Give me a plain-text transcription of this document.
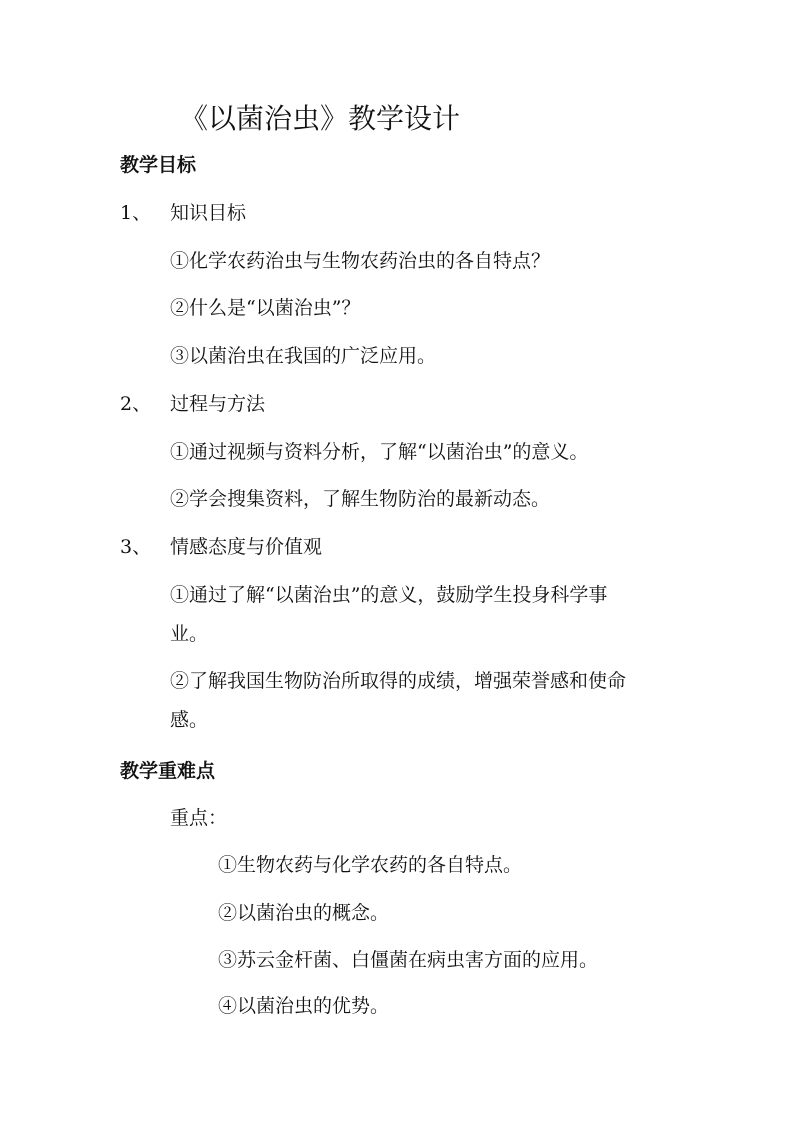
《以菌治虫》教学设计
教学目标
1、 知识目标
①化学农药治虫与生物农药治虫的各自特点？
②什么是“以菌治虫”？
③以菌治虫在我国的广泛应用。
2、 过程与方法
①通过视频与资料分析，了解“以菌治虫”的意义。
②学会搜集资料，了解生物防治的最新动态。
3、 情感态度与价值观
①通过了解“以菌治虫”的意义，鼓励学生投身科学事
业。
②了解我国生物防治所取得的成绩，增强荣誉感和使命
感。
教学重难点
重点：
①生物农药与化学农药的各自特点。
②以菌治虫的概念。
③苏云金杆菌、白僵菌在病虫害方面的应用。
④以菌治虫的优势。
